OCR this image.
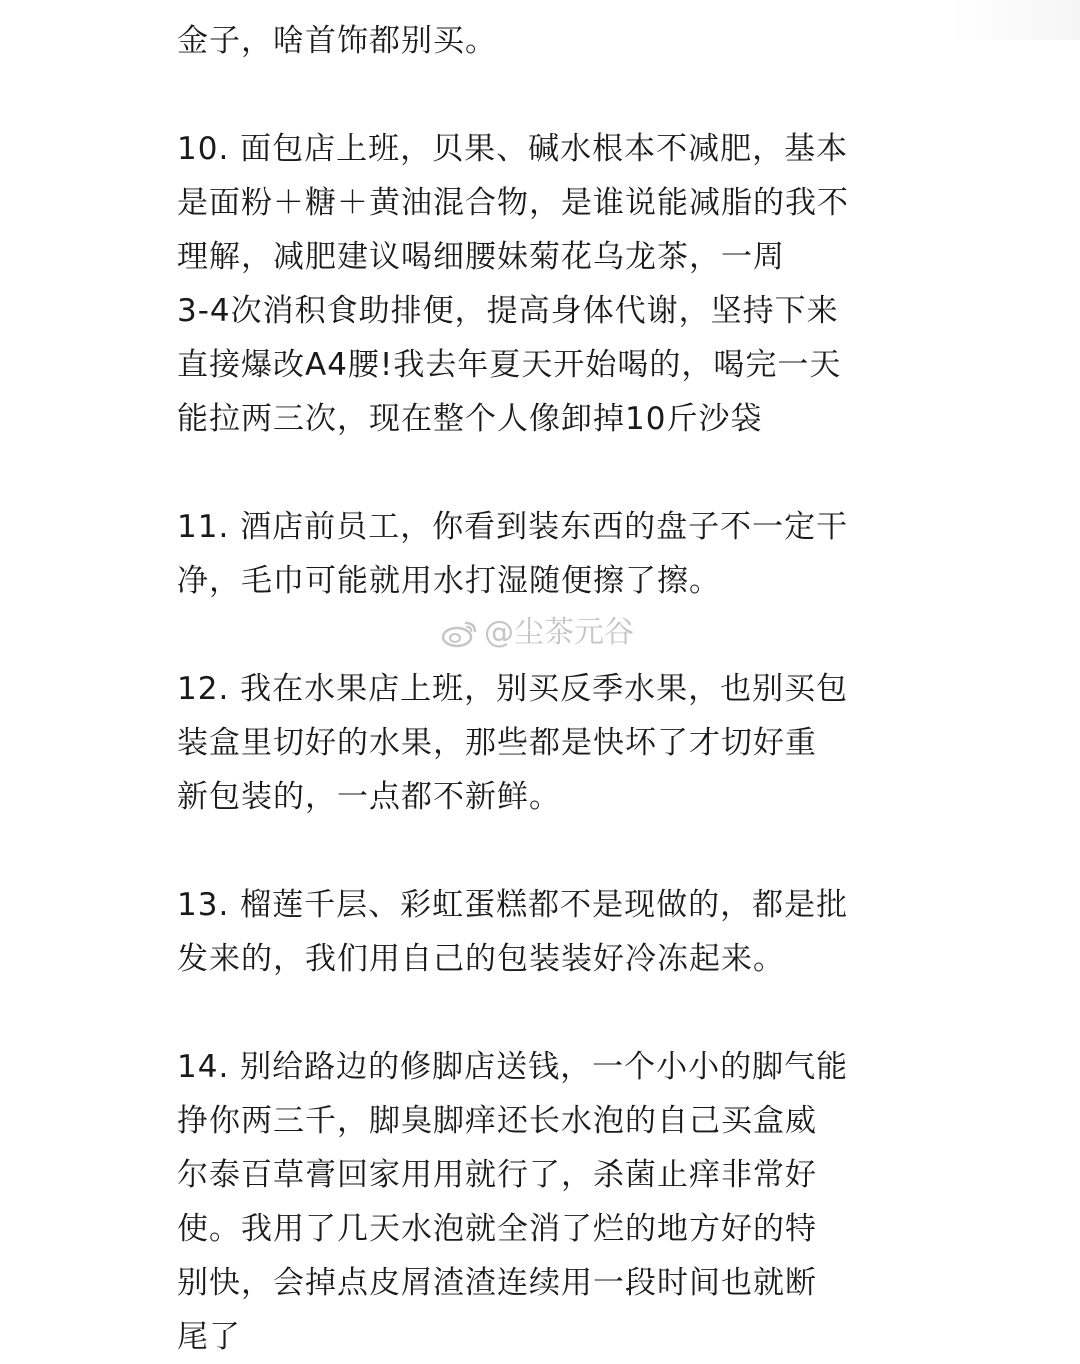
金子，啥首饰都别买。

10. 面包店上班，贝果、碱水根本不减肥，基本
是面粉＋糖＋黄油混合物，是谁说能减脂的我不
理解，减肥建议喝细腰妹菊花乌龙茶，一周
3-4次消积食助排便，提高身体代谢，坚持下来
直接爆改A4腰!我去年夏天开始喝的，喝完一天
能拉两三次，现在整个人像卸掉10斤沙袋

11. 酒店前员工，你看到装东西的盘子不一定干
净，毛巾可能就用水打湿随便擦了擦。

12. 我在水果店上班，别买反季水果，也别买包
装盒里切好的水果，那些都是快坏了才切好重
新包装的，一点都不新鲜。

13. 榴莲千层、彩虹蛋糕都不是现做的，都是批
发来的，我们用自己的包装装好冷冻起来。

14. 别给路边的修脚店送钱，一个小小的脚气能
挣你两三千，脚臭脚痒还长水泡的自己买盒威
尔泰百草膏回家用用就行了，杀菌止痒非常好
使。我用了几天水泡就全消了烂的地方好的特
别快，会掉点皮屑渣渣连续用一段时间也就断
尾了

@尘茶元谷
